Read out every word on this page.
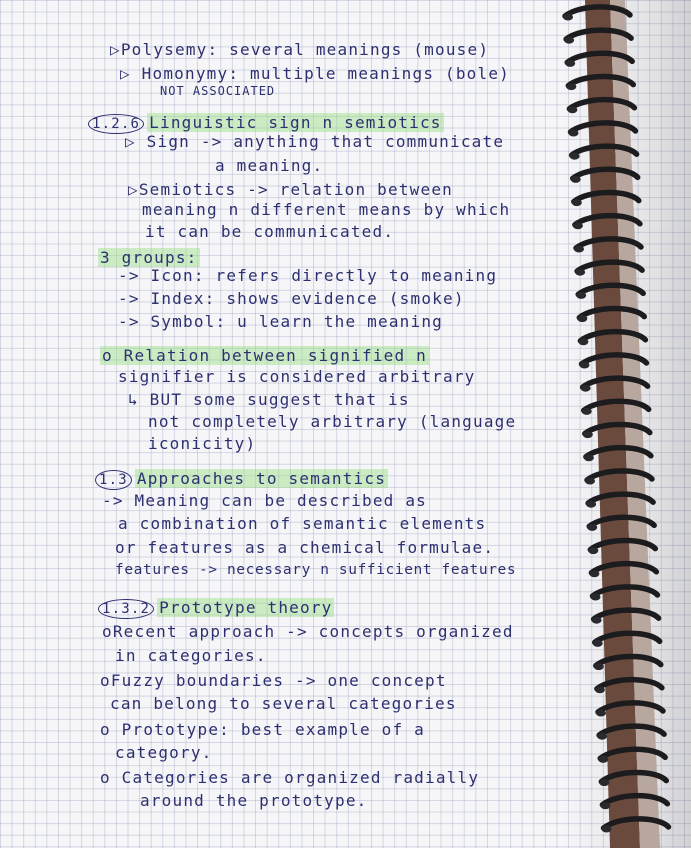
▷Polysemy: several meanings (mouse)
▷ Homonymy: multiple meanings (bole)
NOT ASSOCIATED
1.2.6 Linguistic sign n semiotics
▷ Sign -> anything that communicate
a meaning.
▷Semiotics -> relation between
meaning n different means by which
it can be communicated.
3 groups:
-> Icon: refers directly to meaning
-> Index: shows evidence (smoke)
-> Symbol: u learn the meaning
o Relation between signified n
signifier is considered arbitrary
↳ BUT some suggest that is
not completely arbitrary (language
iconicity)
1.3 Approaches to semantics
-> Meaning can be described as
a combination of semantic elements
or features as a chemical formulae.
features -> necessary n sufficient features
1.3.2 Prototype theory
oRecent approach -> concepts organized
in categories.
oFuzzy boundaries -> one concept
can belong to several categories
o Prototype: best example of a
category.
o Categories are organized radially
around the prototype.
